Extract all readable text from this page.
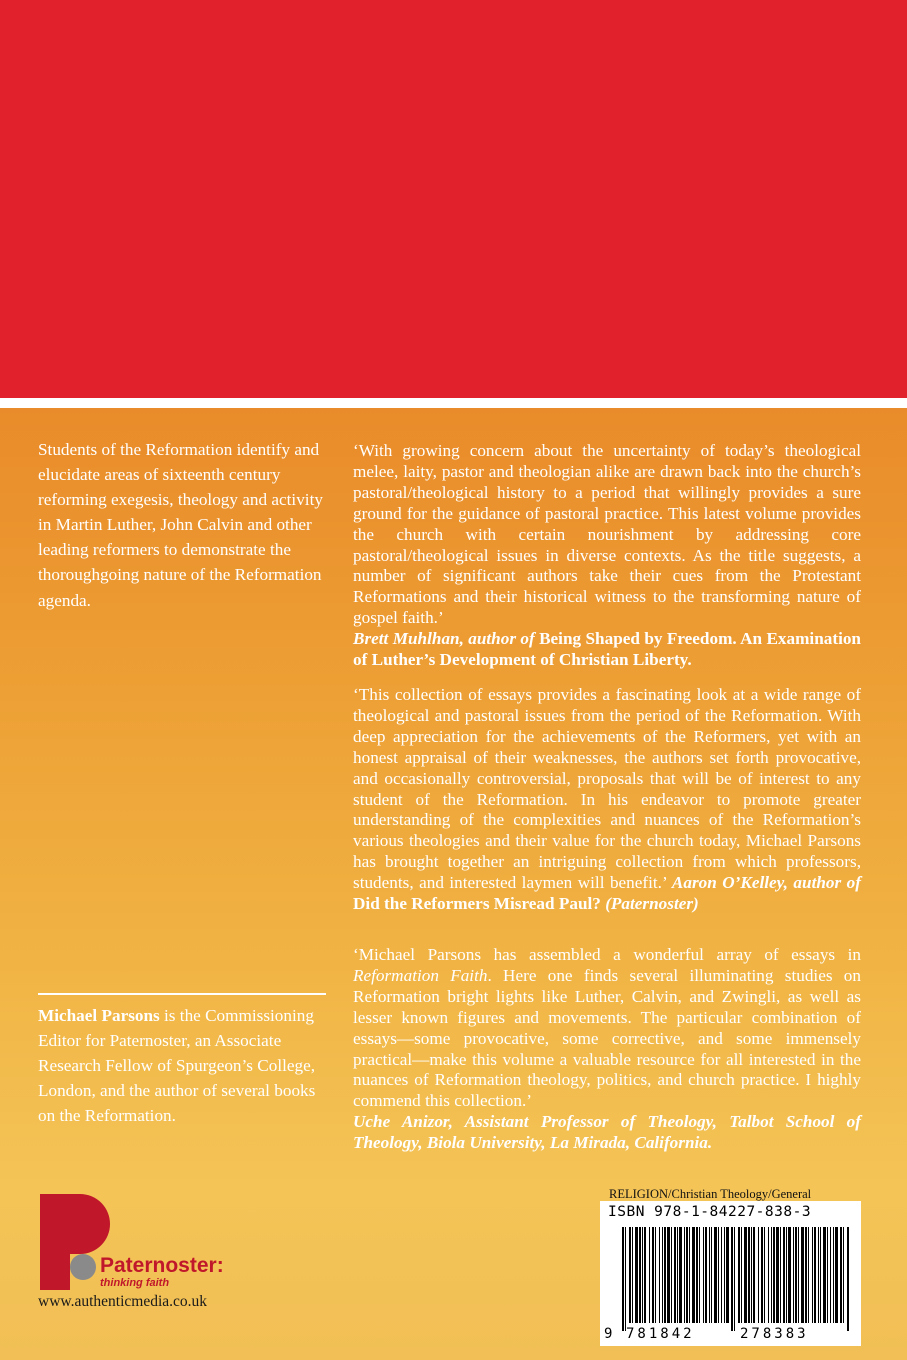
Students of the Reformation identify and elucidate areas of sixteenth century reforming exegesis, theology and activity in Martin Luther, John Calvin and other leading reformers to demonstrate the thoroughgoing nature of the Reformation agenda.
Michael Parsons is the Commissioning Editor for Paternoster, an Associate Research Fellow of Spurgeon’s College, London, and the author of several books on the Reformation.

‘With growing concern about the uncertainty of today’s theological melee, laity, pastor and theologian alike are drawn back into the church’s pastoral/theological history to a period that willingly provides a sure ground for the guidance of pastoral practice. This latest volume provides the church with certain nourishment by addressing core pastoral/theological issues in diverse contexts. As the title suggests, a number of significant authors take their cues from the Protestant Reformations and their historical witness to the transforming nature of gospel faith.’
Brett Muhlhan, author of Being Shaped by Freedom. An Examination of Luther’s Development of Christian Liberty.

‘This collection of essays provides a fascinating look at a wide range of theological and pastoral issues from the period of the Reformation. With deep appreciation for the achievements of the Reformers, yet with an honest appraisal of their weaknesses, the authors set forth provocative, and occasionally controversial, proposals that will be of interest to any student of the Reformation. In his endeavor to promote greater understanding of the complexities and nuances of the Reformation’s various theologies and their value for the church today, Michael Parsons has brought together an intriguing collection from which professors, students, and interested laymen will benefit.’ Aaron O’Kelley, author of Did the Reformers Misread Paul? (Paternoster)

‘Michael Parsons has assembled a wonderful array of essays in Reformation Faith. Here one finds several illuminating studies on Reformation bright lights like Luther, Calvin, and Zwingli, as well as lesser known figures and movements. The particular combination of essays—some provocative, some corrective, and some immensely practical—make this volume a valuable resource for all interested in the nuances of Reformation theology, politics, and church practice. I highly commend this collection.’
Uche Anizor, Assistant Professor of Theology, Talbot School of Theology, Biola University, La Mirada, California.

Paternoster:
thinking faith
www.authenticmedia.co.uk
RELIGION/Christian Theology/General
ISBN 978-1-84227-838-3
9 781842	278383
